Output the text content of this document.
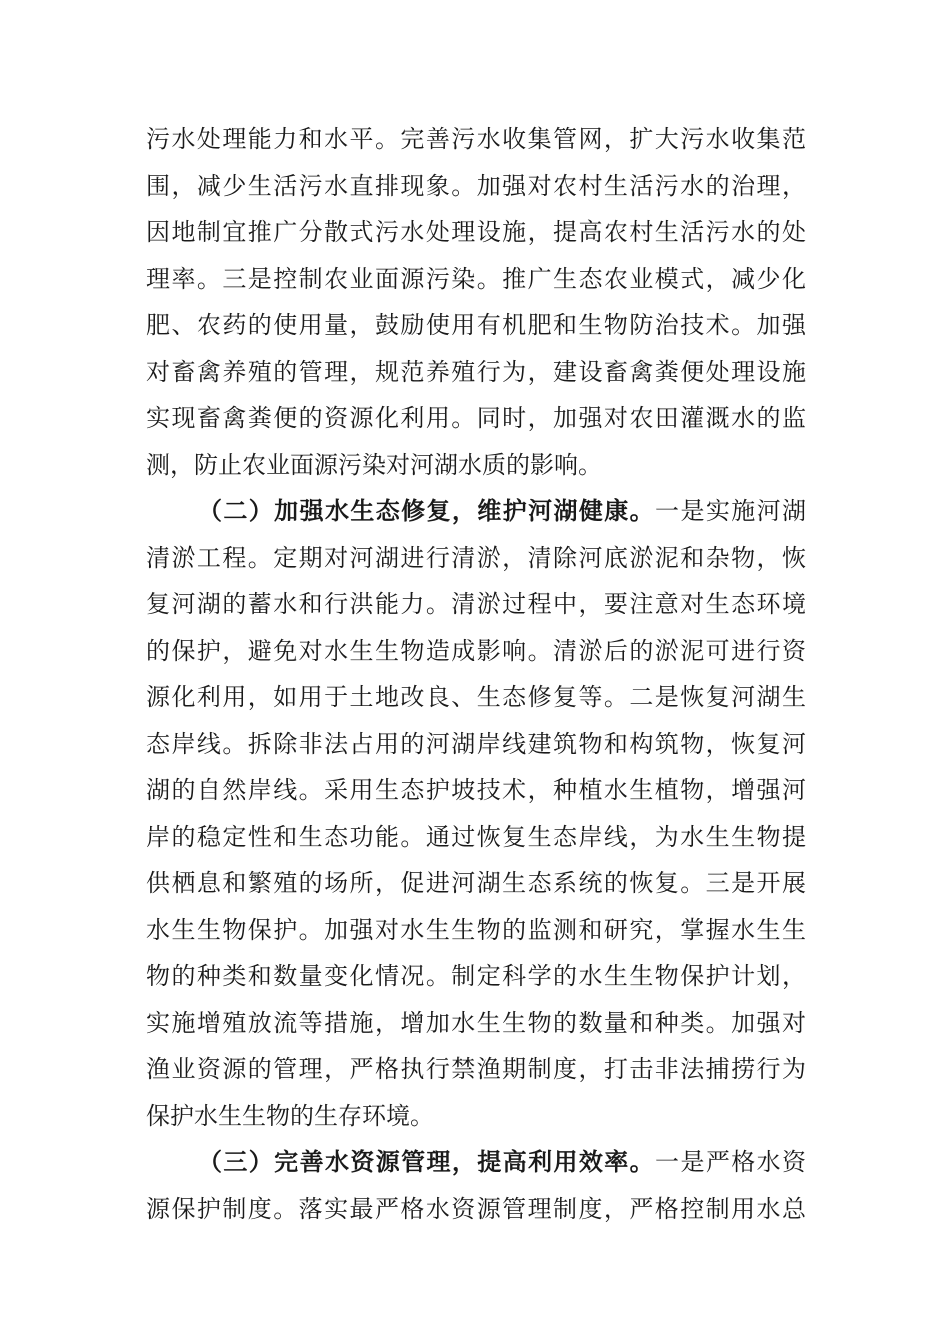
污水处理能力和水平。完善污水收集管网，扩大污水收集范
围，减少生活污水直排现象。加强对农村生活污水的治理，
因地制宜推广分散式污水处理设施，提高农村生活污水的处
理率。三是控制农业面源污染。推广生态农业模式，减少化
肥、农药的使用量，鼓励使用有机肥和生物防治技术。加强
对畜禽养殖的管理，规范养殖行为，建设畜禽粪便处理设施
实现畜禽粪便的资源化利用。同时，加强对农田灌溉水的监
测，防止农业面源污染对河湖水质的影响。
（二）加强水生态修复，维护河湖健康。一是实施河湖
清淤工程。定期对河湖进行清淤，清除河底淤泥和杂物，恢
复河湖的蓄水和行洪能力。清淤过程中，要注意对生态环境
的保护，避免对水生生物造成影响。清淤后的淤泥可进行资
源化利用，如用于土地改良、生态修复等。二是恢复河湖生
态岸线。拆除非法占用的河湖岸线建筑物和构筑物，恢复河
湖的自然岸线。采用生态护坡技术，种植水生植物，增强河
岸的稳定性和生态功能。通过恢复生态岸线，为水生生物提
供栖息和繁殖的场所，促进河湖生态系统的恢复。三是开展
水生生物保护。加强对水生生物的监测和研究，掌握水生生
物的种类和数量变化情况。制定科学的水生生物保护计划，
实施增殖放流等措施，增加水生生物的数量和种类。加强对
渔业资源的管理，严格执行禁渔期制度，打击非法捕捞行为
保护水生生物的生存环境。
（三）完善水资源管理，提高利用效率。一是严格水资
源保护制度。落实最严格水资源管理制度，严格控制用水总
